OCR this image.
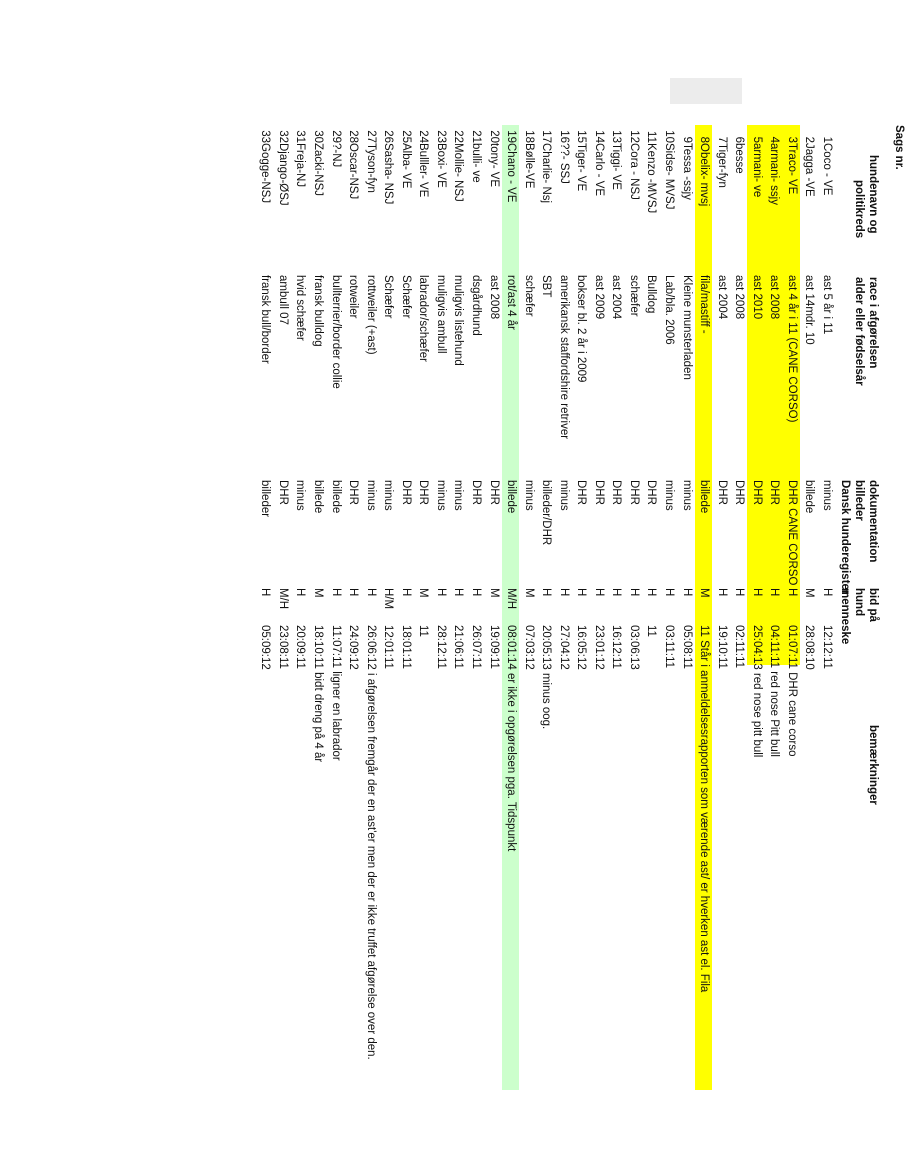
Sags nr.
hundenavn og
politikreds
race i afgørelsen
alder eller fødselsår
dokumentation
billeder
Dansk hunderegister
bid på
hund
menneske
bemærkninger
1Coco - VE
ast 5 år i 11
minus
H
12:12:11
2Jagga -VE
ast 14mdr. 10
billede
M
28:08:10
3Traco- VE
ast 4 år i 11 (CANE CORSO)
DHR CANE CORSO
H
01:07:11 DHR cane corso
4armani- ssjy
ast 2008
DHR
H
04:11:11 red nose Pitt bull
5armani- ve
ast 2010
DHR
H
25:04:13 red nose pitt bull
6besse
ast 2008
DHR
H
02:11:11
7Tiger-fyn
ast 2004
DHR
H
19:10:11
8Obelix- mvsj
fila/mastiff -
billede
M
11 Står i anmeldelsesrapporten som værende ast/ er hverken ast el. Fila
9Tessa -ssjy
Kleine munsterladen
minus
H
05:08:11
10Sidse- MVSJ
Lab/bla. 2006
minus
H
03:11:11
11Kenzo -MVSJ
Bulldog
DHR
H
11
12Cora - NSJ
schæfer
DHR
H
03:06:13
13Tiggi- VE
ast 2004
DHR
H
16:12:11
14Carlo - VE
ast 2009
DHR
H
23:01:12
15Tiger- VE
bokser bl. 2 år i 2009
DHR
H
16:05:12
16??- SSJ
amerikansk staffordshire retriver
minus
H
27:04:12
17Charlie- Nsj
SBT
billeder/DHR
H
20:05:13 minus oog.
18Bølle-VE
schæfer
minus
M
07:03:12
19Chano - VE
rot/ast 4 år
billede
M/H
08:01:14 er ikke i opgørelsen pga. Tidspunkt
20tony- VE
ast 2008
DHR
M
19:09:11
21bulli- ve
dsgårdhund
DHR
H
26:07:11
22Mollie- NSJ
muligvis listehund
minus
H
21:06:11
23Boxi- VE
muligvis ambull
minus
H
28:12:11
24Bulller- VE
labrador/schæfer
DHR
M
11
25Alba- VE
Schæfer
DHR
H
18:01:11
26Sasha- NSJ
Schæfer
minus
H/M
12:01:11
27Tyson-fyn
rottweiler (+ast)
minus
H
26:06:12 i afgørelsen fremgår der en ast'er men der er ikke truffet afgørelse over den.
28Oscar-NSJ
rotweiler
DHR
H
24:09:12
29?-NJ
bullterrier/border collie
billede
H
11:07:11 ligner en labrador
30Zacki-NSJ
fransk bulldog
billede
M
18:10:11 bidt dreng på 4 år
31Freja-NJ
hvid schæfer
minus
H
20:09:11
32Django-ØSJ
ambull 07
DHR
M/H
23:08:11
33Gogge-NSJ
fransk bull/border
billeder
H
05:09:12
